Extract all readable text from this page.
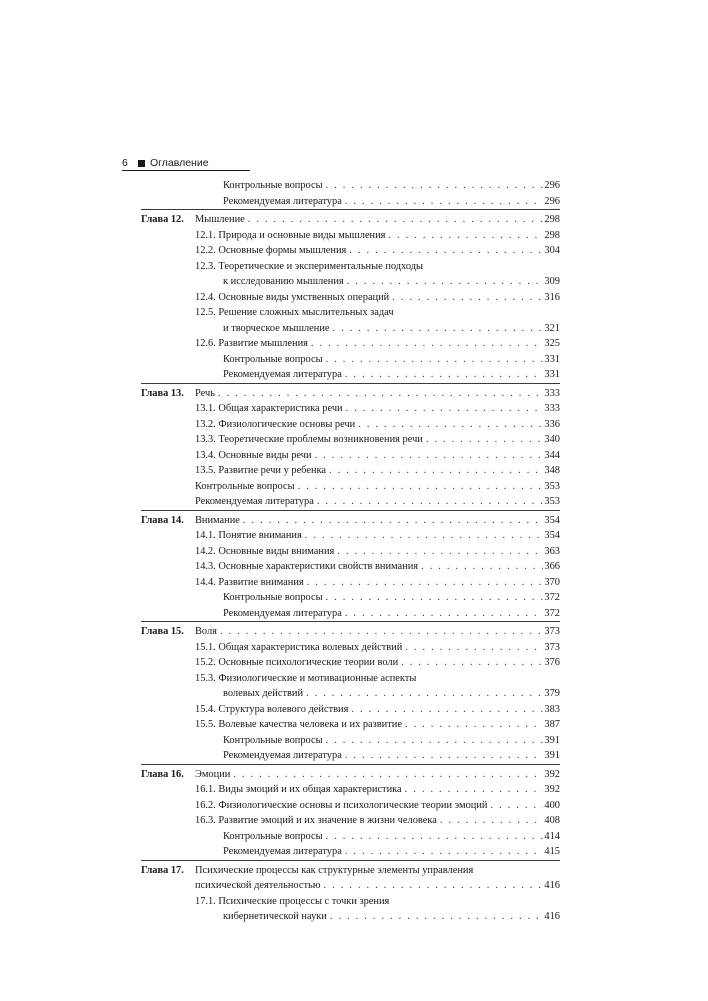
6	Оглавление
Контрольные вопросы . . .	296
Рекомендуемая литература . . .	296
Глава 12. Мышление . . .	298
12.1. Природа и основные виды мышления . . .	298
12.2. Основные формы мышления . . .	304
12.3. Теоретические и экспериментальные подходы
к исследованию мышления . . .	309
12.4. Основные виды умственных операций . . .	316
12.5. Решение сложных мыслительных задач
и творческое мышление . . .	321
12.6. Развитие мышления . . .	325
Контрольные вопросы . . .	331
Рекомендуемая литература . . .	331
Глава 13. Речь . . .	333
13.1. Общая характеристика речи . . .	333
13.2. Физиологические основы речи . . .	336
13.3. Теоретические проблемы возникновения речи . . .	340
13.4. Основные виды речи . . .	344
13.5. Развитие речи у ребенка . . .	348
Контрольные вопросы . . .	353
Рекомендуемая литература . . .	353
Глава 14. Внимание . . .	354
14.1. Понятие внимания . . .	354
14.2. Основные виды внимания . . .	363
14.3. Основные характеристики свойств внимания . . .	366
14.4. Развитие внимания . . .	370
Контрольные вопросы . . .	372
Рекомендуемая литература . . .	372
Глава 15. Воля . . .	373
15.1. Общая характеристика волевых действий . . .	373
15.2. Основные психологические теории воли . . .	376
15.3. Физиологические и мотивационные аспекты
волевых действий . . .	379
15.4. Структура волевого действия . . .	383
15.5. Волевые качества человека и их развитие . . .	387
Контрольные вопросы . . .	391
Рекомендуемая литература . . .	391
Глава 16. Эмоции . . .	392
16.1. Виды эмоций и их общая характеристика . . .	392
16.2. Физиологические основы и психологические теории эмоций . . .	400
16.3. Развитие эмоций и их значение в жизни человека . . .	408
Контрольные вопросы . . .	414
Рекомендуемая литература . . .	415
Глава 17. Психические процессы как структурные элементы управления
психической деятельностью . . .	416
17.1. Психические процессы с точки зрения
кибернетической науки . . .	416
